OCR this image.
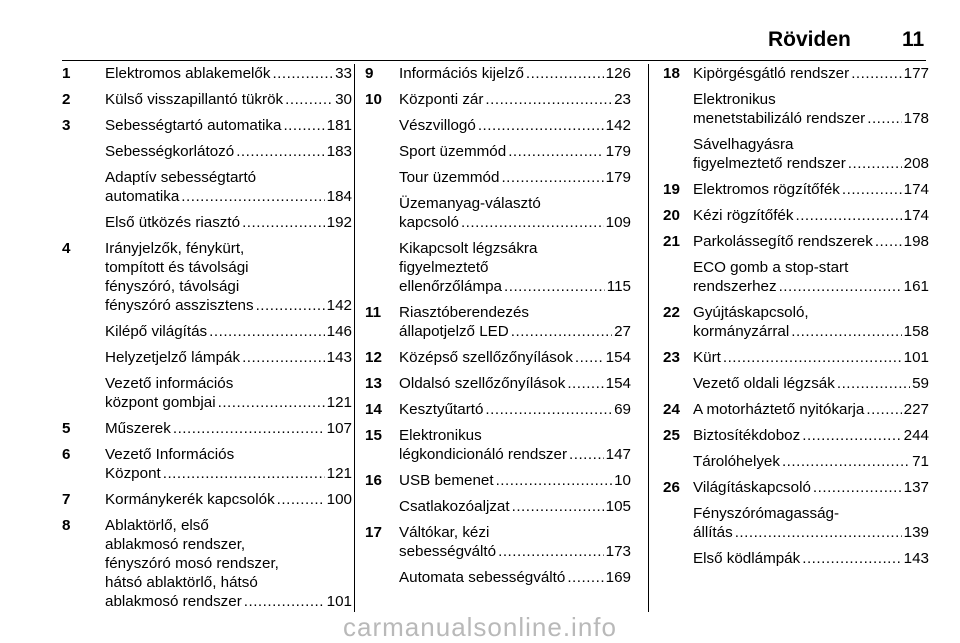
Röviden 11
1 Elektromos ablakemelők .....	33
2 Külső visszapillantó tükrök .....	30
3 Sebességtartó automatika .....	181
Sebességkorlátozó .....	183
Adaptív sebességtartó
automatika .....	184
Első ütközés riasztó .....	192
4 Irányjelzők, fénykürt,
tompított és távolsági
fényszóró, távolsági
fényszóró asszisztens .....	142
Kilépő világítás .....	146
Helyzetjelző lámpák .....	143
Vezető információs
központ gombjai .....	121
5 Műszerek .....	107
6 Vezető Információs
Központ .....	121
7 Kormánykerék kapcsolók .....	100
8 Ablaktörlő, első
ablakmosó rendszer,
fényszóró mosó rendszer,
hátsó ablaktörlő, hátsó
ablakmosó rendszer .....	101
9 Információs kijelző .....	126
10 Központi zár .....	23
Vészvillogó .....	142
Sport üzemmód .....	179
Tour üzemmód .....	179
Üzemanyag-választó
kapcsoló .....	109
Kikapcsolt légzsákra
figyelmeztető
ellenőrzőlámpa .....	115
11 Riasztóberendezés
állapotjelző LED .....	27
12 Középső szellőzőnyílások ..... 154
13 Oldalsó szellőzőnyílások .....	154
14 Kesztyűtartó .....	69
15 Elektronikus
légkondicionáló rendszer .....	147
16 USB bemenet .....	10
Csatlakozóaljzat .....	105
17 Váltókar, kézi
sebességváltó .....	173
Automata sebességváltó .....	169
18 Kipörgésgátló rendszer .....	177
Elektronikus
menetstabilizáló rendszer .....	178
Sávelhagyásra
figyelmeztető rendszer .....	208
19 Elektromos rögzítőfék .....	174
20 Kézi rögzítőfék .....	174
21 Parkolássegítő rendszerek ..... 198
ECO gomb a stop-start
rendszerhez .....	161
22 Gyújtáskapcsoló,
kormányzárral .....	158
23 Kürt .....	101
Vezető oldali légzsák .....	59
24 A motorháztető nyitókarja .....	227
25 Biztosítékdoboz .....	244
Tárolóhelyek .....	71
26 Világításkapcsoló .....	137
Fényszórómagasság-
állítás .....	139
Első ködlámpák .....	143
carmanualsonline.info
